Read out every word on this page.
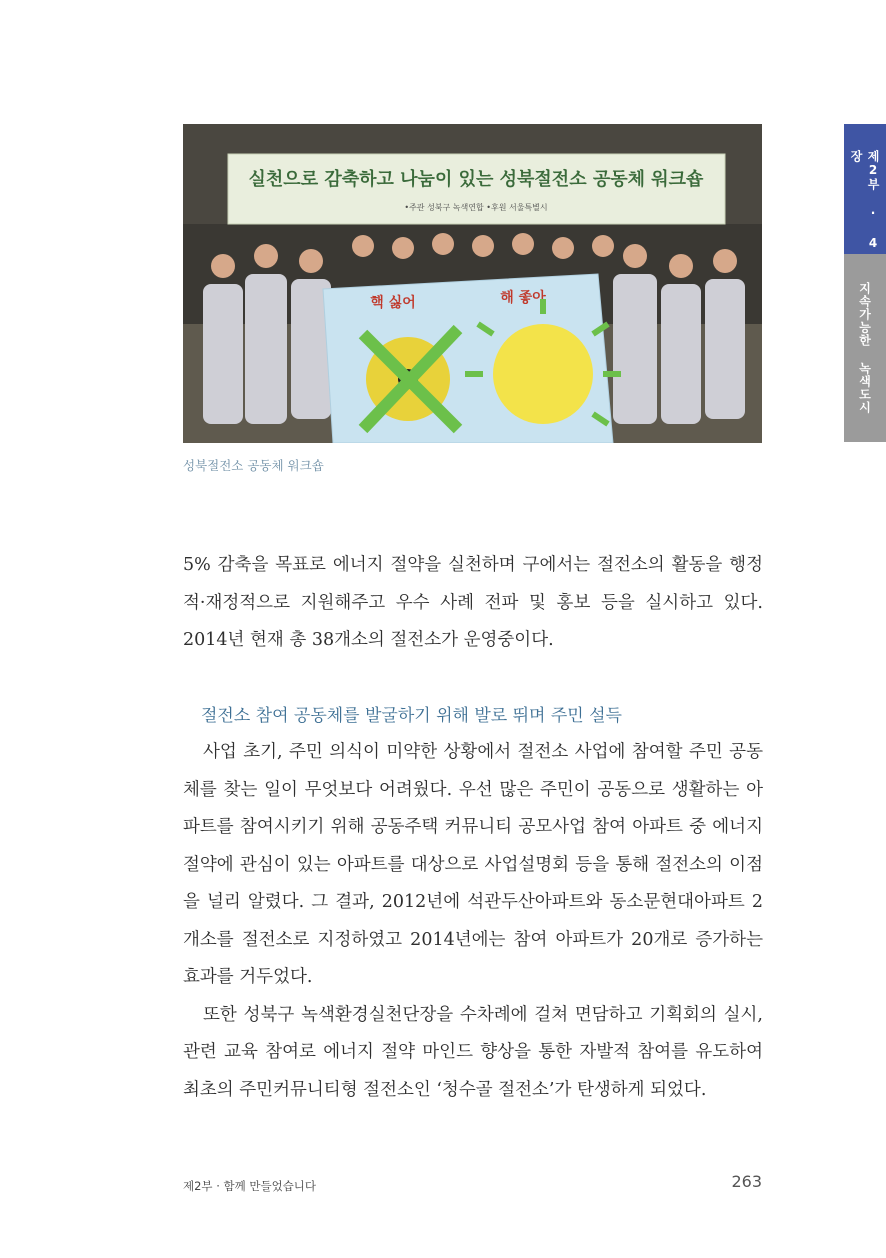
실천으로 감축하고 나눔이 있는 성북절전소 공동체 워크숍
•주관 성북구 녹색연합 •후원 서울특별시
핵 싫어	해 좋아
성북절전소 공동체 워크숍
제2부 · 4장
지속가능한 녹색도시

5% 감축을 목표로 에너지 절약을 실천하며 구에서는 절전소의 활동을 행정적·재정적으로 지원해주고 우수 사례 전파 및 홍보 등을 실시하고 있다. 2014년 현재 총 38개소의 절전소가 운영중이다.

절전소 참여 공동체를 발굴하기 위해 발로 뛰며 주민 설득

사업 초기, 주민 의식이 미약한 상황에서 절전소 사업에 참여할 주민 공동체를 찾는 일이 무엇보다 어려웠다. 우선 많은 주민이 공동으로 생활하는 아파트를 참여시키기 위해 공동주택 커뮤니티 공모사업 참여 아파트 중 에너지 절약에 관심이 있는 아파트를 대상으로 사업설명회 등을 통해 절전소의 이점을 널리 알렸다. 그 결과, 2012년에 석관두산아파트와 동소문현대아파트 2개소를 절전소로 지정하였고 2014년에는 참여 아파트가 20개로 증가하는 효과를 거두었다.

또한 성북구 녹색환경실천단장을 수차례에 걸쳐 면담하고 기획회의 실시, 관련 교육 참여로 에너지 절약 마인드 향상을 통한 자발적 참여를 유도하여 최초의 주민커뮤니티형 절전소인 ‘청수골 절전소’가 탄생하게 되었다.

제2부 · 함께 만들었습니다	263
